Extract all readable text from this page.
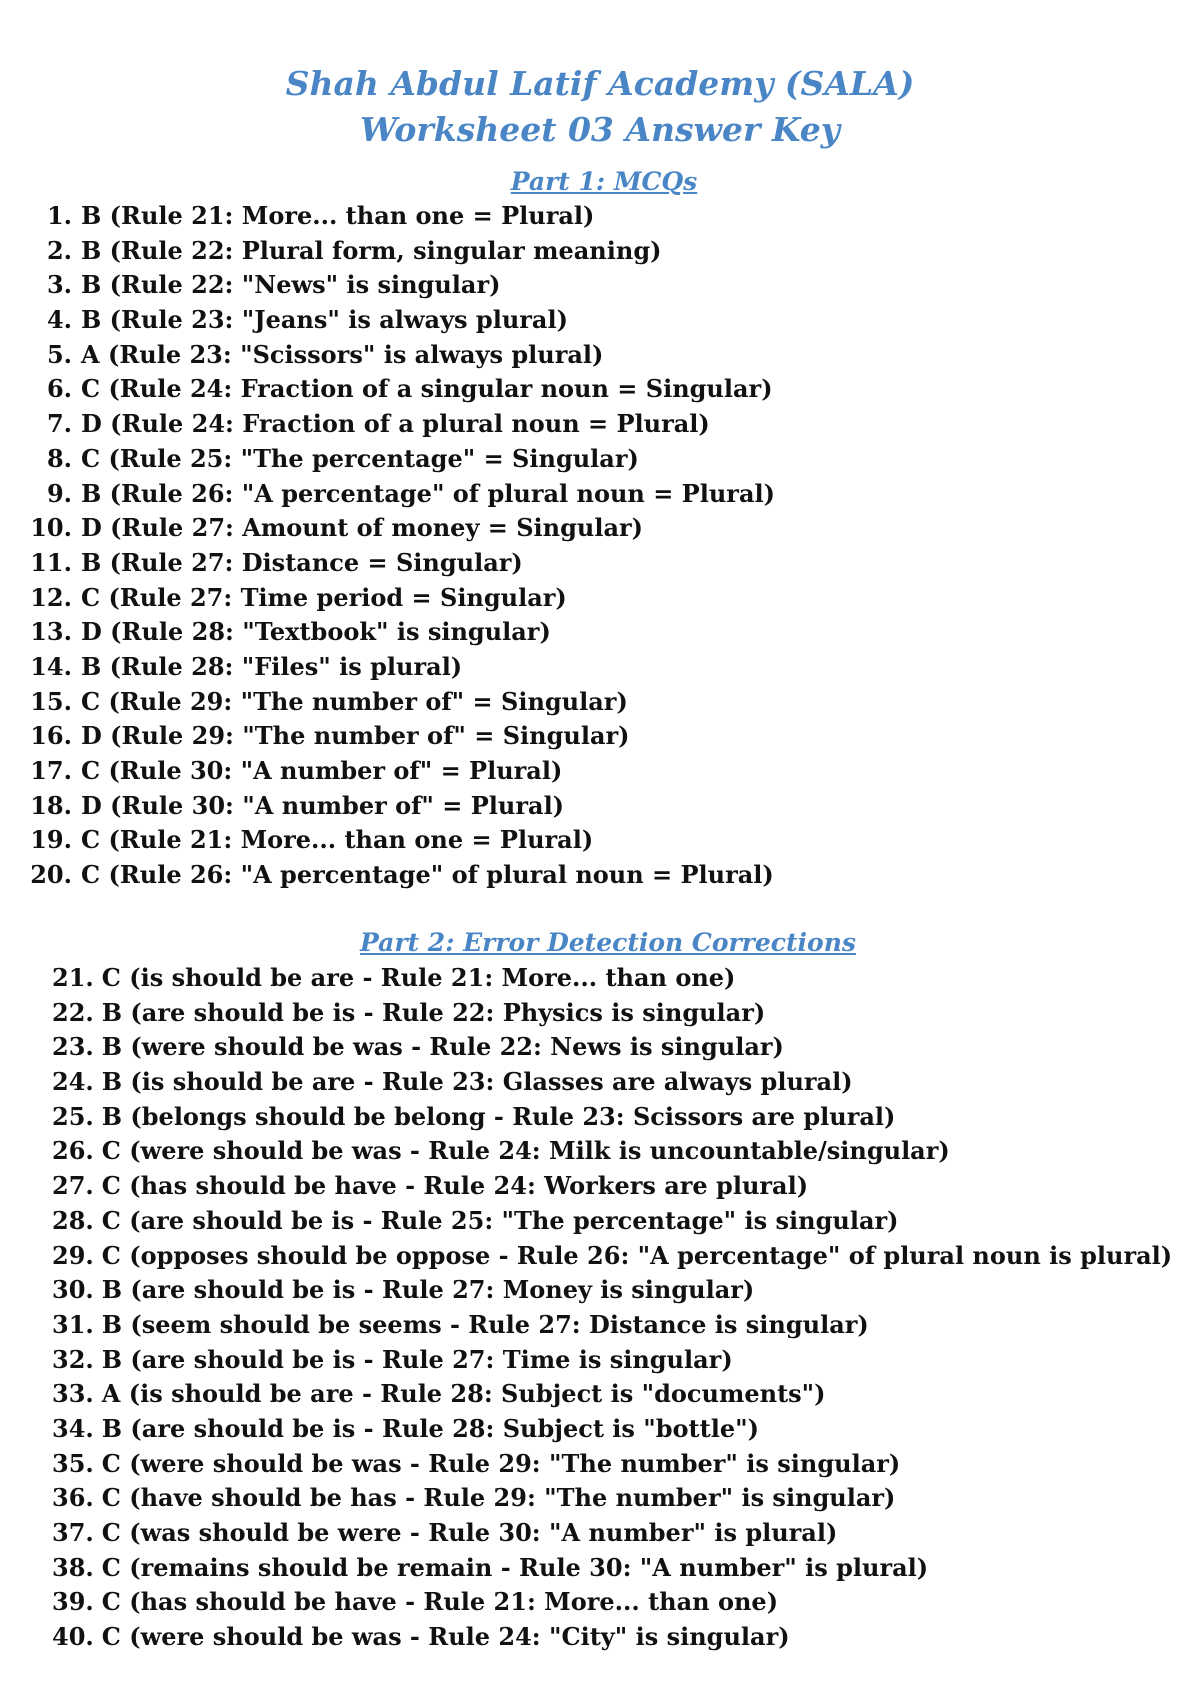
Shah Abdul Latif Academy (SALA)
Worksheet 03 Answer Key
Part 1: MCQs
1. B (Rule 21: More... than one = Plural)
2. B (Rule 22: Plural form, singular meaning)
3. B (Rule 22: "News" is singular)
4. B (Rule 23: "Jeans" is always plural)
5. A (Rule 23: "Scissors" is always plural)
6. C (Rule 24: Fraction of a singular noun = Singular)
7. D (Rule 24: Fraction of a plural noun = Plural)
8. C (Rule 25: "The percentage" = Singular)
9. B (Rule 26: "A percentage" of plural noun = Plural)
10. D (Rule 27: Amount of money = Singular)
11. B (Rule 27: Distance = Singular)
12. C (Rule 27: Time period = Singular)
13. D (Rule 28: "Textbook" is singular)
14. B (Rule 28: "Files" is plural)
15. C (Rule 29: "The number of" = Singular)
16. D (Rule 29: "The number of" = Singular)
17. C (Rule 30: "A number of" = Plural)
18. D (Rule 30: "A number of" = Plural)
19. C (Rule 21: More... than one = Plural)
20. C (Rule 26: "A percentage" of plural noun = Plural)
Part 2: Error Detection Corrections
21. C (is should be are - Rule 21: More... than one)
22. B (are should be is - Rule 22: Physics is singular)
23. B (were should be was - Rule 22: News is singular)
24. B (is should be are - Rule 23: Glasses are always plural)
25. B (belongs should be belong - Rule 23: Scissors are plural)
26. C (were should be was - Rule 24: Milk is uncountable/singular)
27. C (has should be have - Rule 24: Workers are plural)
28. C (are should be is - Rule 25: "The percentage" is singular)
29. C (opposes should be oppose - Rule 26: "A percentage" of plural noun is plural)
30. B (are should be is - Rule 27: Money is singular)
31. B (seem should be seems - Rule 27: Distance is singular)
32. B (are should be is - Rule 27: Time is singular)
33. A (is should be are - Rule 28: Subject is "documents")
34. B (are should be is - Rule 28: Subject is "bottle")
35. C (were should be was - Rule 29: "The number" is singular)
36. C (have should be has - Rule 29: "The number" is singular)
37. C (was should be were - Rule 30: "A number" is plural)
38. C (remains should be remain - Rule 30: "A number" is plural)
39. C (has should be have - Rule 21: More... than one)
40. C (were should be was - Rule 24: "City" is singular)
